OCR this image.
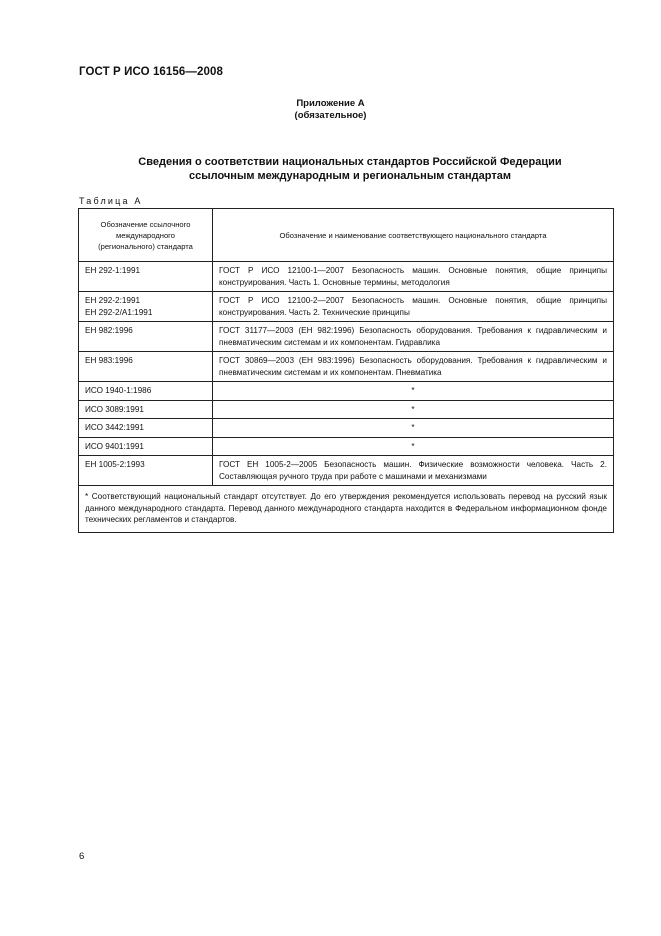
ГОСТ Р ИСО 16156—2008
Приложение А
(обязательное)
Сведения о соответствии национальных стандартов Российской Федерации
ссылочным международным и региональным стандартам
Таблица А
Обозначение ссылочного
международного
(регионального) стандарта	Обозначение и наименование соответствующего национального стандарта

ЕН 292-1:1991	ГОСТ Р ИСО 12100-1—2007 Безопасность машин. Основные понятия, общие принципы конструирования. Часть 1. Основные термины, методология

ЕН 292-2:1991
ЕН 292-2/А1:1991	ГОСТ Р ИСО 12100-2—2007 Безопасность машин. Основные понятия, общие принципы конструирования. Часть 2. Технические принципы

ЕН 982:1996	ГОСТ 31177—2003 (ЕН 982:1996) Безопасность оборудования. Требования к гидравлическим и пневматическим системам и их компонентам. Гидравлика

ЕН 983:1996	ГОСТ 30869—2003 (ЕН 983:1996) Безопасность оборудования. Требования к гидравлическим и пневматическим системам и их компонентам. Пневматика

ИСО 1940-1:1986	*

ИСО 3089:1991	*

ИСО 3442:1991	*

ИСО 9401:1991	*

ЕН 1005-2:1993	ГОСТ ЕН 1005-2—2005 Безопасность машин. Физические возможности человека. Часть 2. Составляющая ручного труда при работе с машинами и механизмами
* Соответствующий национальный стандарт отсутствует. До его утверждения рекомендуется использовать перевод на русский язык данного международного стандарта. Перевод данного международного стандарта находится в Федеральном информационном фонде технических регламентов и стандартов.	
6
